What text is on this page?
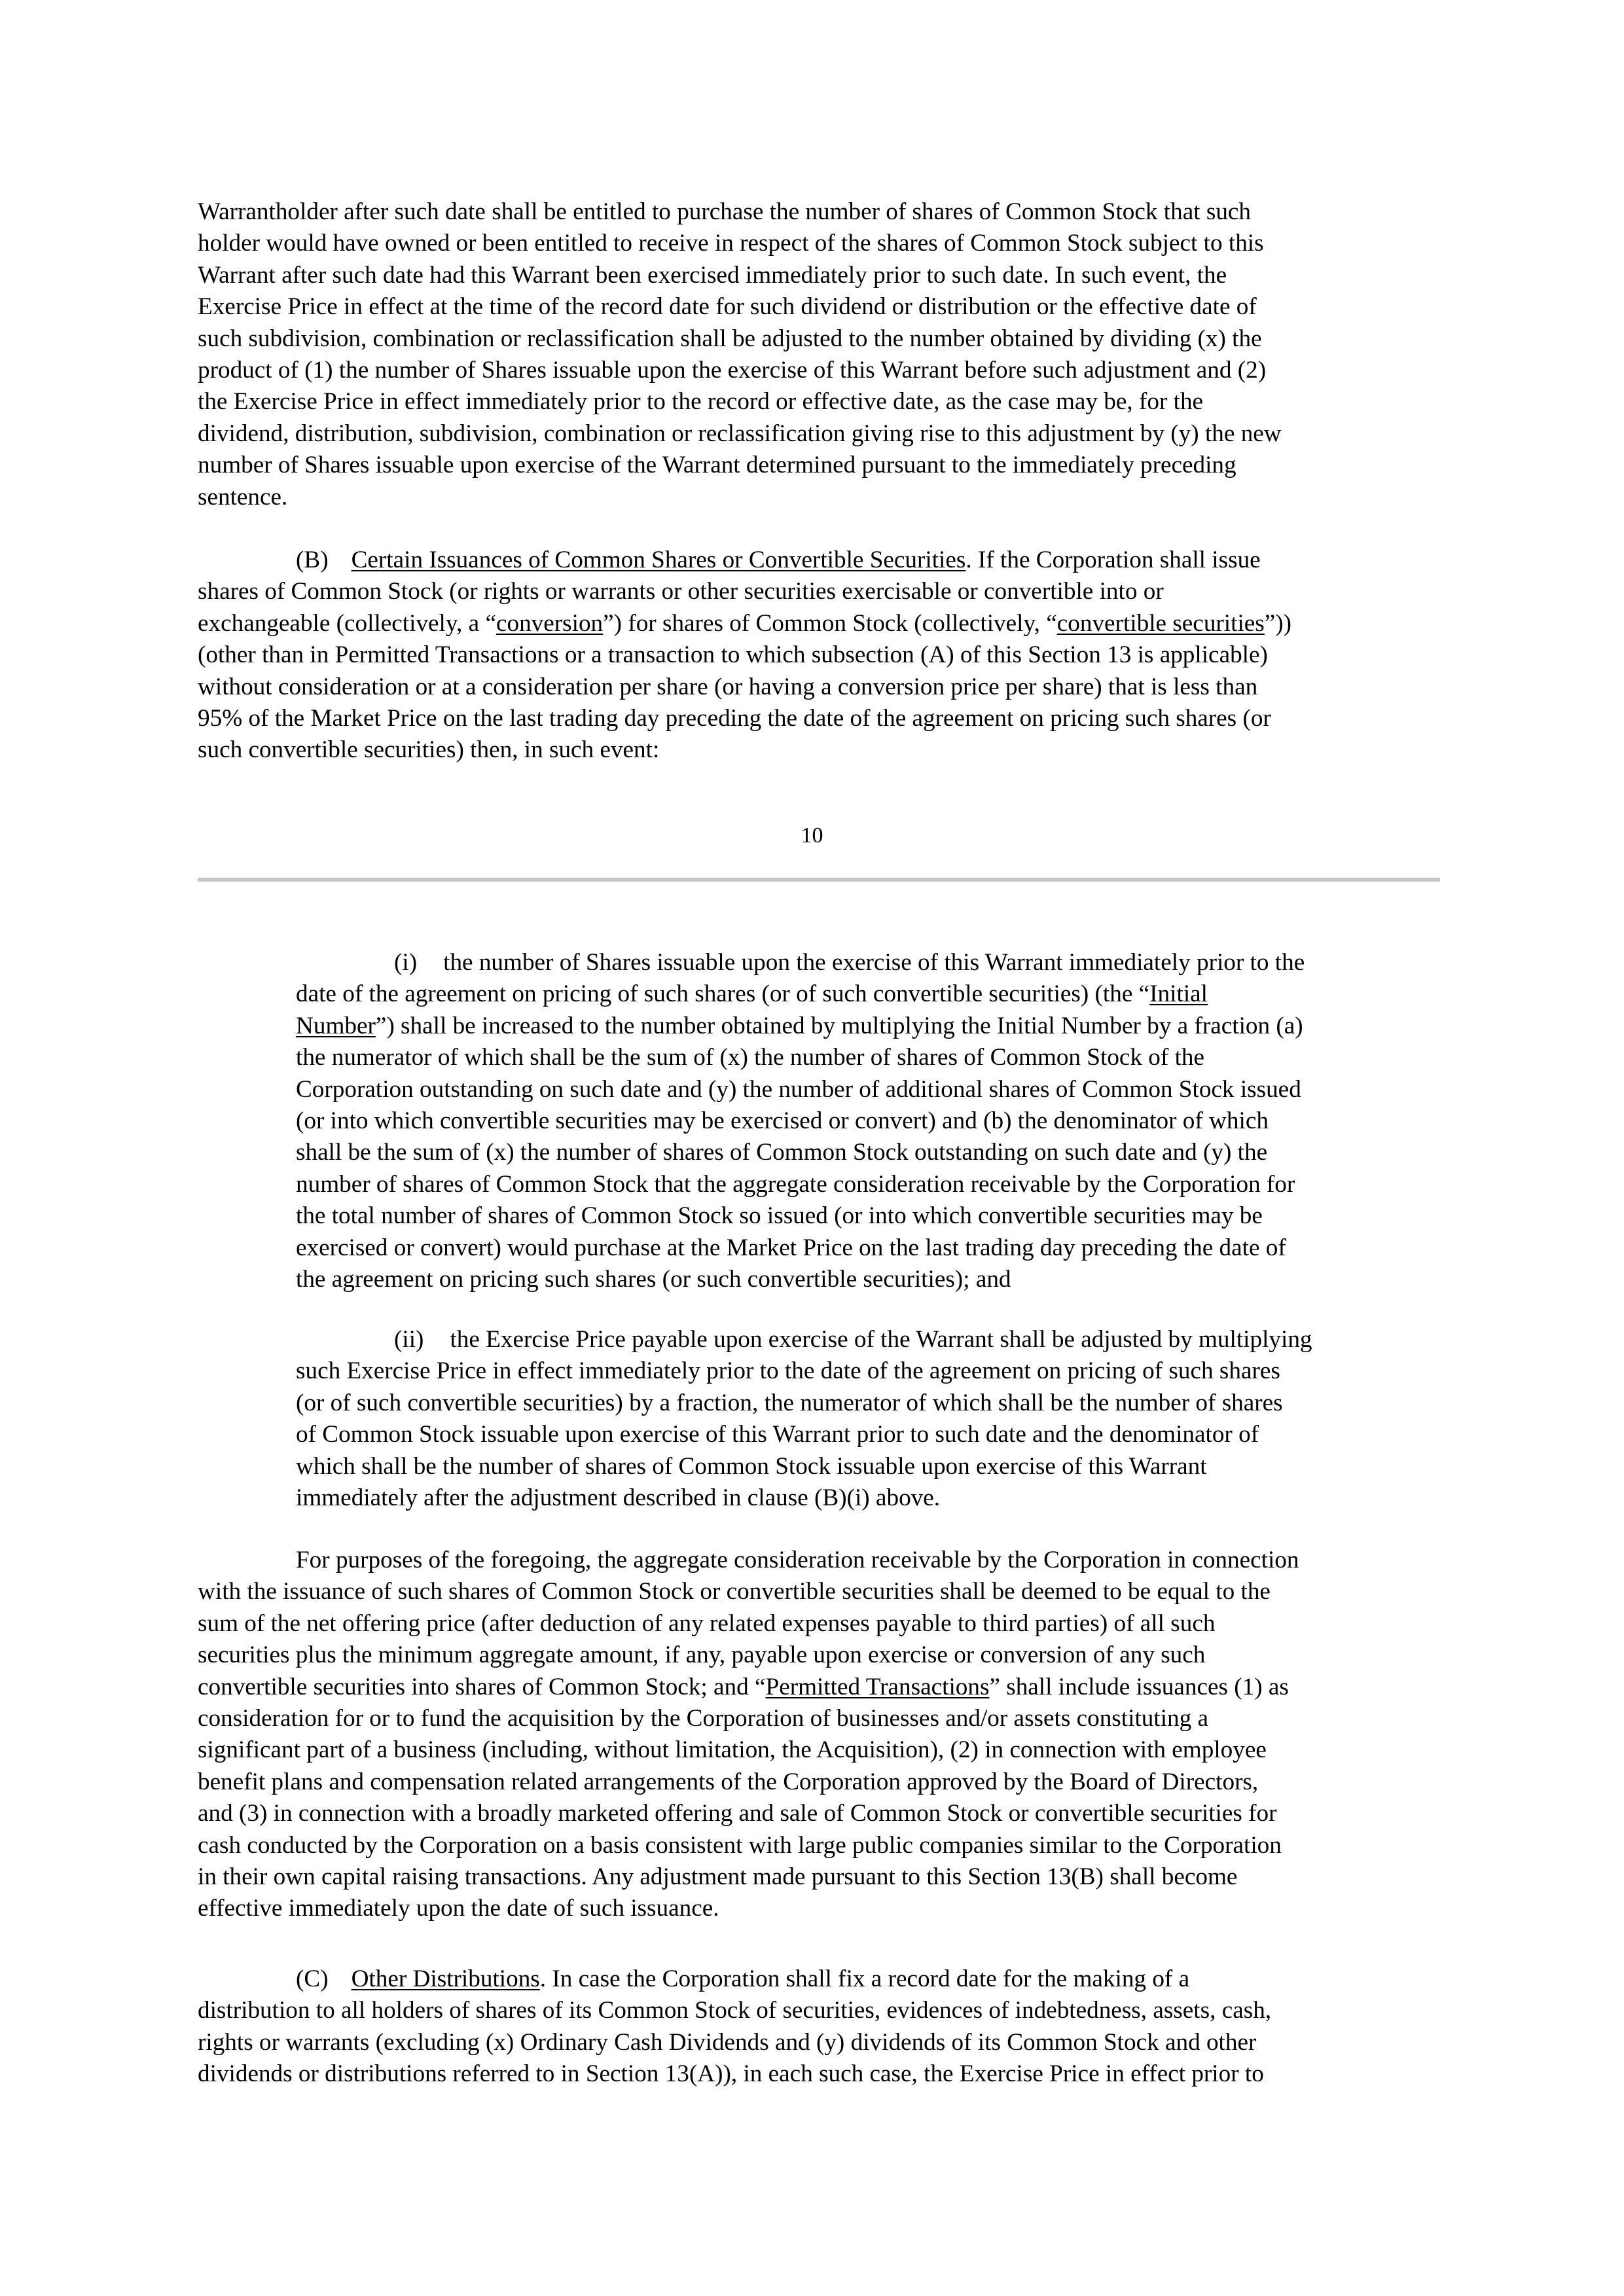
Warrantholder after such date shall be entitled to purchase the number of shares of Common Stock that such
holder would have owned or been entitled to receive in respect of the shares of Common Stock subject to this
Warrant after such date had this Warrant been exercised immediately prior to such date. In such event, the
Exercise Price in effect at the time of the record date for such dividend or distribution or the effective date of
such subdivision, combination or reclassification shall be adjusted to the number obtained by dividing (x) the
product of (1) the number of Shares issuable upon the exercise of this Warrant before such adjustment and (2)
the Exercise Price in effect immediately prior to the record or effective date, as the case may be, for the
dividend, distribution, subdivision, combination or reclassification giving rise to this adjustment by (y) the new
number of Shares issuable upon exercise of the Warrant determined pursuant to the immediately preceding
sentence.
(B) Certain Issuances of Common Shares or Convertible Securities. If the Corporation shall issue
shares of Common Stock (or rights or warrants or other securities exercisable or convertible into or
exchangeable (collectively, a “conversion”) for shares of Common Stock (collectively, “convertible securities”))
(other than in Permitted Transactions or a transaction to which subsection (A) of this Section 13 is applicable)
without consideration or at a consideration per share (or having a conversion price per share) that is less than
95% of the Market Price on the last trading day preceding the date of the agreement on pricing such shares (or
such convertible securities) then, in such event:
10
(i) the number of Shares issuable upon the exercise of this Warrant immediately prior to the
date of the agreement on pricing of such shares (or of such convertible securities) (the “Initial
Number”) shall be increased to the number obtained by multiplying the Initial Number by a fraction (a)
the numerator of which shall be the sum of (x) the number of shares of Common Stock of the
Corporation outstanding on such date and (y) the number of additional shares of Common Stock issued
(or into which convertible securities may be exercised or convert) and (b) the denominator of which
shall be the sum of (x) the number of shares of Common Stock outstanding on such date and (y) the
number of shares of Common Stock that the aggregate consideration receivable by the Corporation for
the total number of shares of Common Stock so issued (or into which convertible securities may be
exercised or convert) would purchase at the Market Price on the last trading day preceding the date of
the agreement on pricing such shares (or such convertible securities); and
(ii) the Exercise Price payable upon exercise of the Warrant shall be adjusted by multiplying
such Exercise Price in effect immediately prior to the date of the agreement on pricing of such shares
(or of such convertible securities) by a fraction, the numerator of which shall be the number of shares
of Common Stock issuable upon exercise of this Warrant prior to such date and the denominator of
which shall be the number of shares of Common Stock issuable upon exercise of this Warrant
immediately after the adjustment described in clause (B)(i) above.
For purposes of the foregoing, the aggregate consideration receivable by the Corporation in connection
with the issuance of such shares of Common Stock or convertible securities shall be deemed to be equal to the
sum of the net offering price (after deduction of any related expenses payable to third parties) of all such
securities plus the minimum aggregate amount, if any, payable upon exercise or conversion of any such
convertible securities into shares of Common Stock; and “Permitted Transactions” shall include issuances (1) as
consideration for or to fund the acquisition by the Corporation of businesses and/or assets constituting a
significant part of a business (including, without limitation, the Acquisition), (2) in connection with employee
benefit plans and compensation related arrangements of the Corporation approved by the Board of Directors,
and (3) in connection with a broadly marketed offering and sale of Common Stock or convertible securities for
cash conducted by the Corporation on a basis consistent with large public companies similar to the Corporation
in their own capital raising transactions. Any adjustment made pursuant to this Section 13(B) shall become
effective immediately upon the date of such issuance.
(C) Other Distributions. In case the Corporation shall fix a record date for the making of a
distribution to all holders of shares of its Common Stock of securities, evidences of indebtedness, assets, cash,
rights or warrants (excluding (x) Ordinary Cash Dividends and (y) dividends of its Common Stock and other
dividends or distributions referred to in Section 13(A)), in each such case, the Exercise Price in effect prior to
